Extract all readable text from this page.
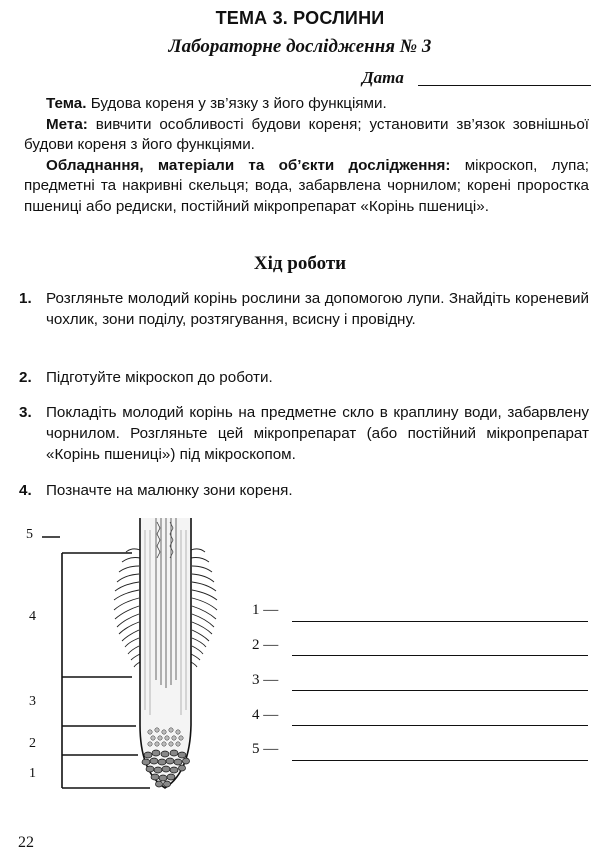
ТЕМА 3. РОСЛИНИ
Лабораторне дослідження № 3
Дата

Тема. Будова кореня у зв’язку з його функціями.

Мета: вивчити особливості будови кореня; установити зв’язок зовнішньої будови кореня з його функціями.

Обладнання, матеріали та об’єкти дослідження: мікроскоп, лупа; предметні та накривні скельця; вода, забарвлена чорнилом; корені проростка пшениці або редиски, постійний мікропрепарат «Корінь пшениці».

Хід роботи
1. Розгляньте молодий корінь рослини за допомогою лупи. Знайдіть кореневий чохлик, зони поділу, розтягування, всисну і провідну.
2. Підготуйте мікроскоп до роботи.
3. Покладіть молодий корінь на предметне скло в краплину води, забарвлену чорнилом. Розгляньте цей мікропрепарат (або постійний мікропрепарат «Корінь пшениці») під мікроскопом.
4. Позначте на малюнку зони кореня.
5
4
3
2
1
1 —
2 —
3 —
4 —
5 —
22
